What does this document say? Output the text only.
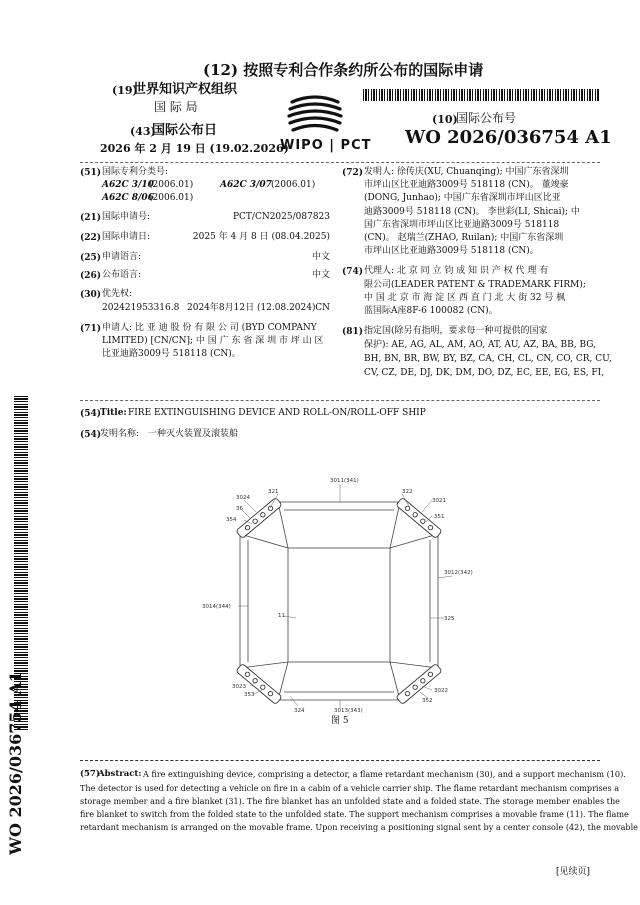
(12) 按照专利合作条约所公布的国际申请
(19)
世界知识产权组织
国 际 局
(43)
国际公布日
2026 年 2 月 19 日 (19.02.2026)
WIPO | PCT
(10)
国际公布号
WO 2026/036754 A1
(51) 国际专利分类号:
A62C 3/10
(2006.01)	A62C 3/07 (2006.01)
A62C 8/06
(2006.01)
(21) 国际申请号:	PCT/CN2025/087823
(22) 国际申请日:	2025 年 4 月 8 日 (08.04.2025)
(25) 申请语言:	中文
(26) 公布语言:	中文
(30) 优先权:
202421953316.8 2024年8月12日 (12.08.2024) CN
(71) 申请人: 比 亚 迪 股 份 有 限 公 司 (BYD COMPANY
LIMITED) [CN/CN]; 中 国 广 东 省 深 圳 市 坪 山 区
比亚迪路3009号 518118 (CN)。
(72) 发明人: 徐传庆(XU, Chuanqing); 中国广东省深圳
市坪山区比亚迪路3009号 518118 (CN)。 董竣豪
(DONG, Junhao); 中国广东省深圳市坪山区比亚
迪路3009号 518118 (CN)。 李世彩(LI, Shicai); 中
国广东省深圳市坪山区比亚迪路3009号 518118
(CN)。 赵瑞兰(ZHAO, Ruilan); 中国广东省深圳
市坪山区比亚迪路3009号 518118 (CN)。
(74) 代理人: 北 京 同 立 钧 成 知 识 产 权 代 理 有
限公司(LEADER PATENT & TRADEMARK FIRM);
中 国 北 京 市 海 淀 区 西 直 门 北 大 街 32 号 枫
蓝国际A座8F-6 100082 (CN)。
(81) 指定国(除另有指明，要求每一种可提供的国家
保护): AE, AG, AL, AM, AO, AT, AU, AZ, BA, BB, BG,
BH, BN, BR, BW, BY, BZ, CA, CH, CL, CN, CO, CR, CU,
CV, CZ, DE, DJ, DK, DM, DO, DZ, EC, EE, EG, ES, FI,
(54)
Title: FIRE EXTINGUISHING DEVICE AND ROLL-ON/ROLL-OFF SHIP
(54)
发明名称: 一种灭火装置及滚装船
3011(341)
321	322
3024	3021
36
354	351
3012(342)
3014(344)
11	325
3023
353
3022
352
324	3013(343)
图 5
(57)
Abstract: A fire extinguishing device, comprising a detector, a flame retardant mechanism (30), and a support mechanism (10).
The detector is used for detecting a vehicle on fire in a cabin of a vehicle carrier ship. The flame retardant mechanism comprises a
storage member and a fire blanket (31). The fire blanket has an unfolded state and a folded state. The storage member enables the
fire blanket to switch from the folded state to the unfolded state. The support mechanism comprises a movable frame (11). The flame
retardant mechanism is arranged on the movable frame. Upon receiving a positioning signal sent by a center console (42), the movable
[见续页]
WO 2026/036754 A1
